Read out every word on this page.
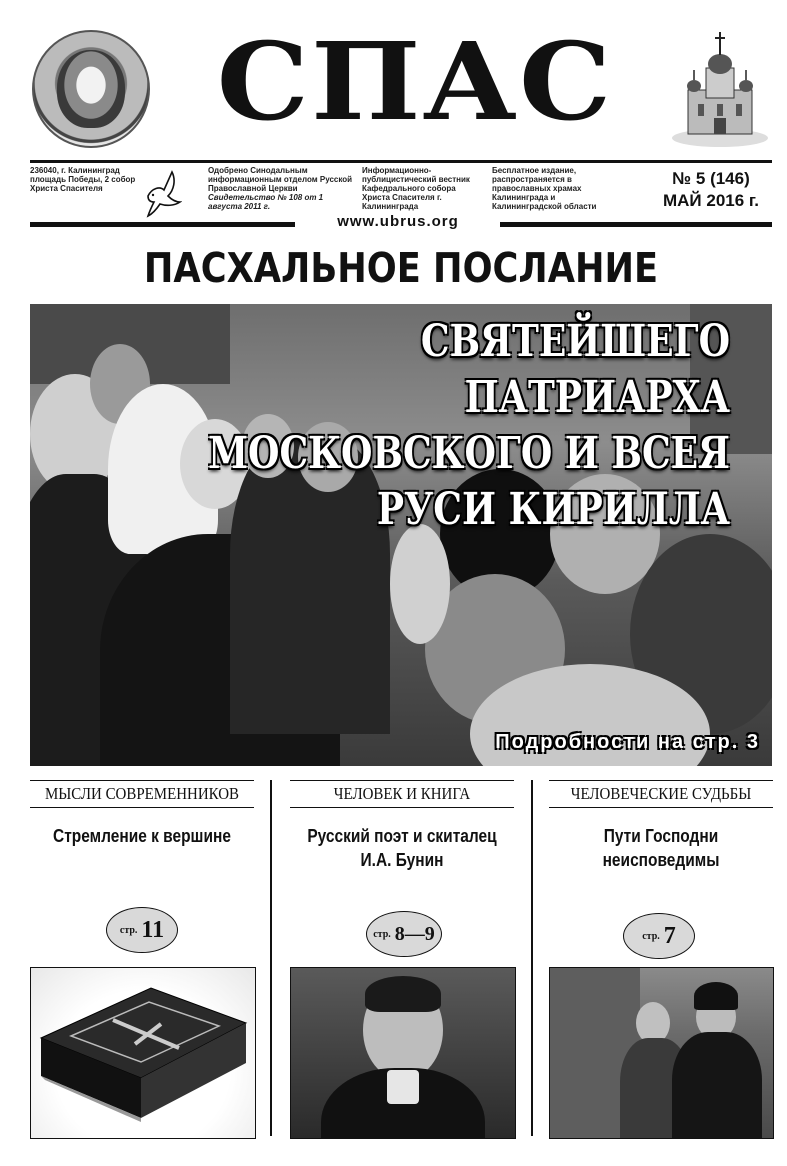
СПАС
236040, г. Калининград площадь Победы, 2 собор Христа Спасителя
Одобрено Синодальным информационным отделом Русской Православной Церкви
Свидетельство № 108 от 1 августа 2011 г.
Информационно-публицистический вестник Кафедрального собора Христа Спасителя г. Калининграда
Бесплатное издание, распространяется в православных храмах Калининграда и Калининградской области
№ 5 (146)
МАЙ 2016 г.
www.ubrus.org
ПАСХАЛЬНОЕ ПОСЛАНИЕ
СВЯТЕЙШЕГО ПАТРИАРХА
МОСКОВСКОГО И ВСЕЯ
РУСИ КИРИЛЛА
Подробности на стр. 3
МЫСЛИ СОВРЕМЕННИКОВ
Стремление к вершине
стр. 11
ЧЕЛОВЕК И КНИГА
Русский поэт и скиталец И.А. Бунин
стр. 8—9
ЧЕЛОВЕЧЕСКИЕ СУДЬБЫ
Пути Господни неисповедимы
стр. 7
